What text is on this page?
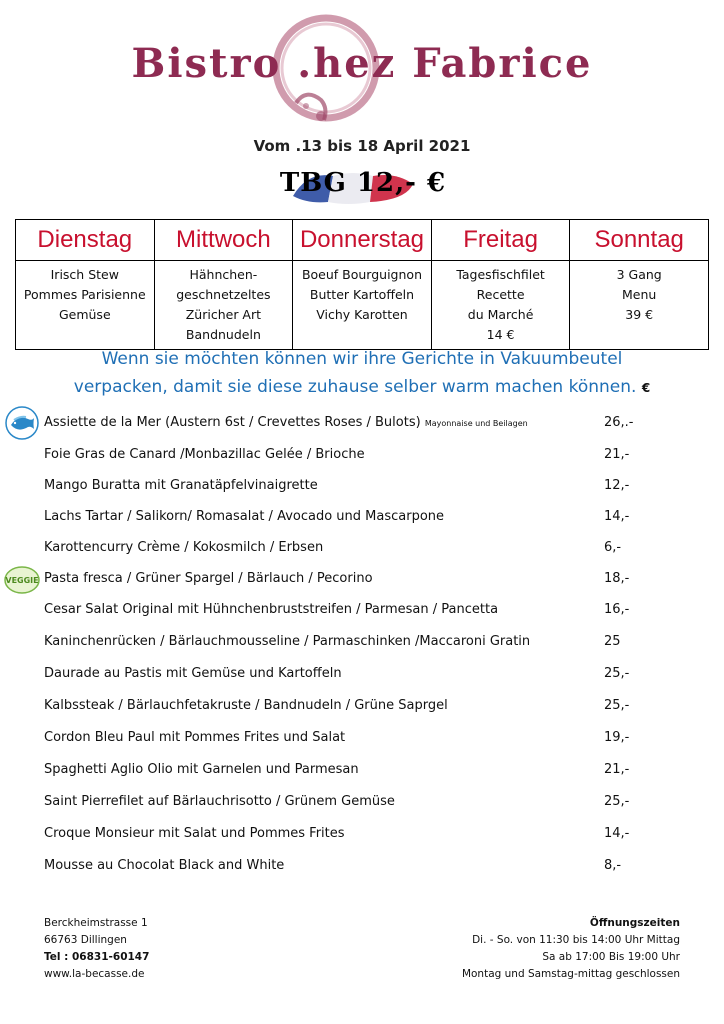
Bistro .hez Fabrice
Vom .13 bis 18 April 2021
TBG 12,- €
Dienstag	Mittwoch	Donnerstag	Freitag	Sonntag

Irisch Stew
Pommes Parisienne
Gemüse	Hähnchen-
geschnetzeltes
Züricher Art
Bandnudeln	Boeuf Bourguignon
Butter Kartoffeln
Vichy Karotten	Tagesfischfilet
Recette
du Marché
14 €	3 Gang
Menu
39 €
Wenn sie möchten können wir ihre Gerichte in Vakuumbeutel
verpacken, damit sie diese zuhause selber warm machen können. €
VEGGIE
Assiette de la Mer (Austern 6st / Crevettes Roses / Bulots) Mayonnaise und Beilagen	26,.-
Foie Gras de Canard /Monbazillac Gelée / Brioche	21,-
Mango Buratta mit Granatäpfelvinaigrette	12,-
Lachs Tartar / Salikorn/ Romasalat / Avocado und Mascarpone	14,-
Karottencurry Crème / Kokosmilch / Erbsen	6,-
Pasta fresca / Grüner Spargel / Bärlauch / Pecorino	18,-
Cesar Salat Original mit Hühnchenbruststreifen / Parmesan / Pancetta	16,-
Kaninchenrücken / Bärlauchmousseline / Parmaschinken /Maccaroni Gratin	25
Daurade au Pastis mit Gemüse und Kartoffeln	25,-
Kalbssteak / Bärlauchfetakruste / Bandnudeln / Grüne Saprgel	25,-
Cordon Bleu Paul mit Pommes Frites und Salat	19,-
Spaghetti Aglio Olio mit Garnelen und Parmesan	21,-
Saint Pierrefilet auf Bärlauchrisotto / Grünem Gemüse	25,-
Croque Monsieur mit Salat und Pommes Frites	14,-
Mousse au Chocolat Black and White	8,-
Berckheimstrasse 1
66763 Dillingen
Tel : 06831-60147
www.la-becasse.de
Öffnungszeiten
Di. - So. von 11:30 bis 14:00 Uhr Mittag
Sa ab 17:00 Bis 19:00 Uhr
Montag und Samstag-mittag geschlossen
